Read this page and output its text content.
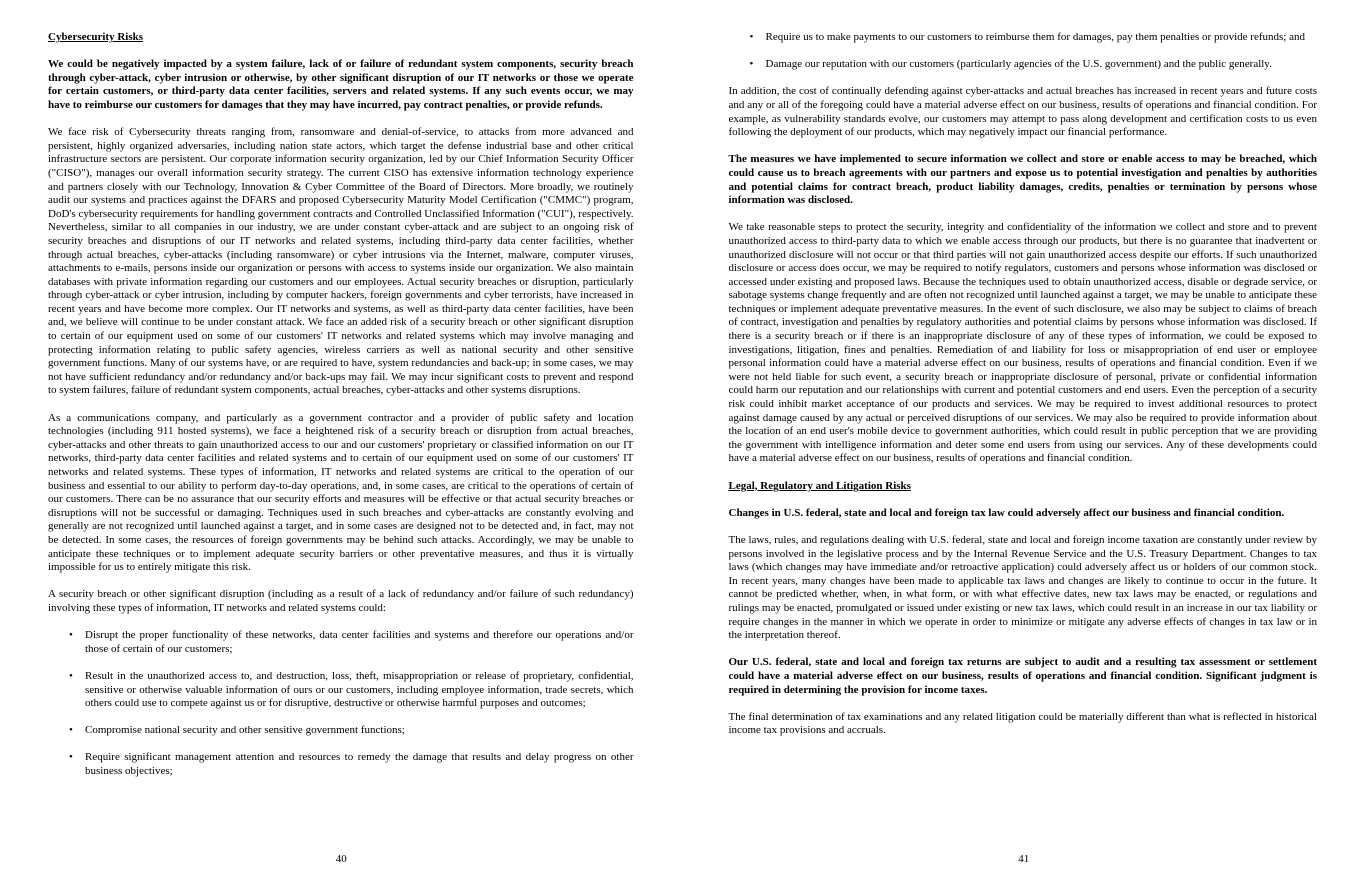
Cybersecurity Risks

We could be negatively impacted by a system failure, lack of or failure of redundant system components, security breach through cyber-attack, cyber intrusion or otherwise, by other significant disruption of our IT networks or those we operate for certain customers, or third-party data center facilities, servers and related systems. If any such events occur, we may have to reimburse our customers for damages that they may have incurred, pay contract penalties, or provide refunds.

We face risk of Cybersecurity threats ranging from, ransomware and denial-of-service, to attacks from more advanced and persistent, highly organized adversaries, including nation state actors, which target the defense industrial base and other critical infrastructure sectors are persistent. Our corporate information security organization, led by our Chief Information Security Officer ("CISO"), manages our overall information security strategy. The current CISO has extensive information technology experience and partners closely with our Technology, Innovation & Cyber Committee of the Board of Directors. More broadly, we routinely audit our systems and practices against the DFARS and proposed Cybersecurity Maturity Model Certification ("CMMC") program, DoD's cybersecurity requirements for handling government contracts and Controlled Unclassified Information ("CUI"), respectively. Nevertheless, similar to all companies in our industry, we are under constant cyber-attack and are subject to an ongoing risk of security breaches and disruptions of our IT networks and related systems, including third-party data center facilities, whether through actual breaches, cyber-attacks (including ransomware) or cyber intrusions via the Internet, malware, computer viruses, attachments to e-mails, persons inside our organization or persons with access to systems inside our organization. We also maintain databases with private information regarding our customers and our employees. Actual security breaches or disruption, particularly through cyber-attack or cyber intrusion, including by computer hackers, foreign governments and cyber terrorists, have increased in recent years and have become more complex. Our IT networks and systems, as well as third-party data center facilities, have been and, we believe will continue to be under constant attack. We face an added risk of a security breach or other significant disruption to certain of our equipment used on some of our customers' IT networks and related systems which may involve managing and protecting information relating to public safety agencies, wireless carriers as well as national security and other sensitive government functions. Many of our systems have, or are required to have, system redundancies and back-up; in some cases, we may not have sufficient redundancy and/or redundancy and/or back-ups may fail. We may incur significant costs to prevent and respond to system failures, failure of redundant system components, actual breaches, cyber-attacks and other systems disruptions.

As a communications company, and particularly as a government contractor and a provider of public safety and location technologies (including 911 hosted systems), we face a heightened risk of a security breach or disruption from actual breaches, cyber-attacks and other threats to gain unauthorized access to our and our customers' proprietary or classified information on our IT networks, third-party data center facilities and related systems and to certain of our equipment used on some of our customers' IT networks and related systems. These types of information, IT networks and related systems are critical to the operation of our business and essential to our ability to perform day-to-day operations, and, in some cases, are critical to the operations of certain of our customers. There can be no assurance that our security efforts and measures will be effective or that actual security breaches or disruptions will not be successful or damaging. Techniques used in such breaches and cyber-attacks are constantly evolving and generally are not recognized until launched against a target, and in some cases are designed not to be detected and, in fact, may not be detected. In some cases, the resources of foreign governments may be behind such attacks. Accordingly, we may be unable to anticipate these techniques or to implement adequate security barriers or other preventative measures, and thus it is virtually impossible for us to entirely mitigate this risk.

A security breach or other significant disruption (including as a result of a lack of redundancy and/or failure of such redundancy) involving these types of information, IT networks and related systems could:

• Disrupt the proper functionality of these networks, data center facilities and systems and therefore our operations and/or those of certain of our customers;
• Result in the unauthorized access to, and destruction, loss, theft, misappropriation or release of proprietary, confidential, sensitive or otherwise valuable information of ours or our customers, including employee information, trade secrets, which others could use to compete against us or for disruptive, destructive or otherwise harmful purposes and outcomes;
• Compromise national security and other sensitive government functions;
• Require significant management attention and resources to remedy the damage that results and delay progress on other business objectives;
40
• Require us to make payments to our customers to reimburse them for damages, pay them penalties or provide refunds; and
• Damage our reputation with our customers (particularly agencies of the U.S. government) and the public generally.

In addition, the cost of continually defending against cyber-attacks and actual breaches has increased in recent years and future costs and any or all of the foregoing could have a material adverse effect on our business, results of operations and financial condition. For example, as vulnerability standards evolve, our customers may attempt to pass along development and certification costs to us even following the deployment of our products, which may negatively impact our financial performance.

The measures we have implemented to secure information we collect and store or enable access to may be breached, which could cause us to breach agreements with our partners and expose us to potential investigation and penalties by authorities and potential claims for contract breach, product liability damages, credits, penalties or termination by persons whose information was disclosed.

We take reasonable steps to protect the security, integrity and confidentiality of the information we collect and store and to prevent unauthorized access to third-party data to which we enable access through our products, but there is no guarantee that inadvertent or unauthorized disclosure will not occur or that third parties will not gain unauthorized access despite our efforts. If such unauthorized disclosure or access does occur, we may be required to notify regulators, customers and persons whose information was disclosed or accessed under existing and proposed laws. Because the techniques used to obtain unauthorized access, disable or degrade service, or sabotage systems change frequently and are often not recognized until launched against a target, we may be unable to anticipate these techniques or implement adequate preventative measures. In the event of such disclosure, we also may be subject to claims of breach of contract, investigation and penalties by regulatory authorities and potential claims by persons whose information was disclosed. If there is a security breach or if there is an inappropriate disclosure of any of these types of information, we could be exposed to investigations, litigation, fines and penalties. Remediation of and liability for loss or misappropriation of end user or employee personal information could have a material adverse effect on our business, results of operations and financial condition. Even if we were not held liable for such event, a security breach or inappropriate disclosure of personal, private or confidential information could harm our reputation and our relationships with current and potential customers and end users. Even the perception of a security risk could inhibit market acceptance of our products and services. We may be required to invest additional resources to protect against damage caused by any actual or perceived disruptions of our services. We may also be required to provide information about the location of an end user's mobile device to government authorities, which could result in public perception that we are providing the government with intelligence information and deter some end users from using our services. Any of these developments could have a material adverse effect on our business, results of operations and financial condition.

Legal, Regulatory and Litigation Risks

Changes in U.S. federal, state and local and foreign tax law could adversely affect our business and financial condition.

The laws, rules, and regulations dealing with U.S. federal, state and local and foreign income taxation are constantly under review by persons involved in the legislative process and by the Internal Revenue Service and the U.S. Treasury Department. Changes to tax laws (which changes may have immediate and/or retroactive application) could adversely affect us or holders of our common stock. In recent years, many changes have been made to applicable tax laws and changes are likely to continue to occur in the future. It cannot be predicted whether, when, in what form, or with what effective dates, new tax laws may be enacted, or regulations and rulings may be enacted, promulgated or issued under existing or new tax laws, which could result in an increase in our tax liability or require changes in the manner in which we operate in order to minimize or mitigate any adverse effects of changes in tax law or in the interpretation thereof.

Our U.S. federal, state and local and foreign tax returns are subject to audit and a resulting tax assessment or settlement could have a material adverse effect on our business, results of operations and financial condition. Significant judgment is required in determining the provision for income taxes.

The final determination of tax examinations and any related litigation could be materially different than what is reflected in historical income tax provisions and accruals.

41
